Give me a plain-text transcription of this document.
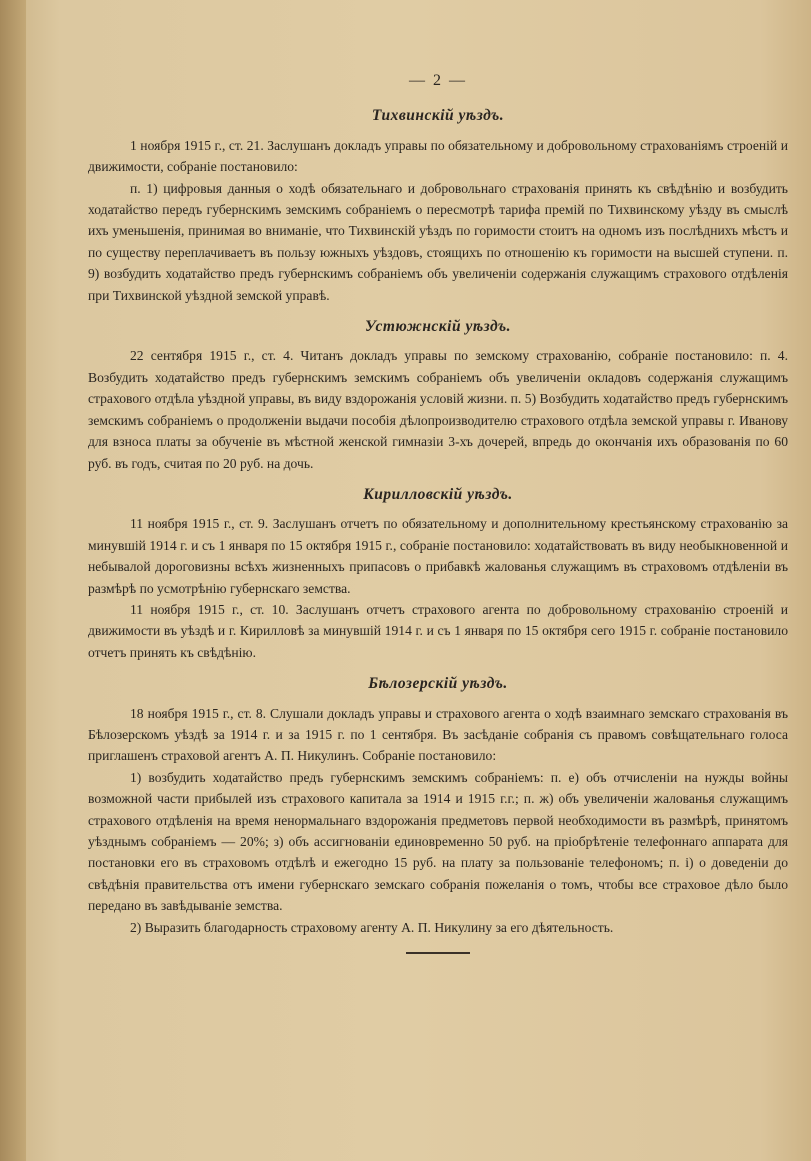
— 2 —
Тихвинскій уѣздъ.

1 ноября 1915 г., ст. 21. Заслушанъ докладъ управы по обязательному и добровольному страхованіямъ строеній и движимости, собраніе постановило:

п. 1) цифровыя данныя о ходѣ обязательнаго и добровольнаго страхованія принять къ свѣдѣнію и возбудить ходатайство передъ губернскимъ земскимъ собраніемъ о пересмотрѣ тарифа премій по Тихвинскому уѣзду въ смыслѣ ихъ уменьшенія, принимая во вниманіе, что Тихвинскій уѣздъ по горимости стоитъ на одномъ изъ послѣднихъ мѣстъ и по существу переплачиваетъ въ пользу южныхъ уѣздовъ, стоящихъ по отношенію къ горимости на высшей ступени. п. 9) возбудить ходатайство предъ губернскимъ собраніемъ объ увеличеніи содержанія служащимъ страхового отдѣленія при Тихвинской уѣздной земской управѣ.

Устюжнскій уѣздъ.

22 сентября 1915 г., ст. 4. Читанъ докладъ управы по земскому страхованію, собраніе постановило: п. 4. Возбудить ходатайство предъ губернскимъ земскимъ собраніемъ объ увеличеніи окладовъ содержанія служащимъ страхового отдѣла уѣздной управы, въ виду вздорожанія условій жизни. п. 5) Возбудить ходатайство предъ губернскимъ земскимъ собраніемъ о продолженіи выдачи пособія дѣлопроизводителю страхового отдѣла земской управы г. Иванову для взноса платы за обученіе въ мѣстной женской гимназіи 3-хъ дочерей, впредь до окончанія ихъ образованія по 60 руб. въ годъ, считая по 20 руб. на дочь.

Кирилловскій уѣздъ.

11 ноября 1915 г., ст. 9. Заслушанъ отчетъ по обязательному и дополнительному крестьянскому страхованію за минувшій 1914 г. и съ 1 января по 15 октября 1915 г., собраніе постановило: ходатайствовать въ виду необыкновенной и небывалой дороговизны всѣхъ жизненныхъ припасовъ о прибавкѣ жалованья служащимъ въ страховомъ отдѣленіи въ размѣрѣ по усмотрѣнію губернскаго земства.

11 ноября 1915 г., ст. 10. Заслушанъ отчетъ страхового агента по добровольному страхованію строеній и движимости въ уѣздѣ и г. Кирилловѣ за минувшій 1914 г. и съ 1 января по 15 октября сего 1915 г. собраніе постановило отчетъ принять къ свѣдѣнію.

Бѣлозерскій уѣздъ.

18 ноября 1915 г., ст. 8. Слушали докладъ управы и страхового агента о ходѣ взаимнаго земскаго страхованія въ Бѣлозерскомъ уѣздѣ за 1914 г. и за 1915 г. по 1 сентября. Въ засѣданіе собранія съ правомъ совѣщательнаго голоса приглашенъ страховой агентъ А. П. Никулинъ. Собраніе постановило:

1) возбудить ходатайство предъ губернскимъ земскимъ собраніемъ: п. е) объ отчисленіи на нужды войны возможной части прибылей изъ страхового капитала за 1914 и 1915 г.г.; п. ж) объ увеличеніи жалованья служащимъ страхового отдѣленія на время ненормальнаго вздорожанія предметовъ первой необходимости въ размѣрѣ, принятомъ уѣзднымъ собраніемъ — 20%; з) объ ассигнованіи единовременно 50 руб. на пріобрѣтеніе телефоннаго аппарата для постановки его въ страховомъ отдѣлѣ и ежегодно 15 руб. на плату за пользованіе телефономъ; п. і) о доведеніи до свѣдѣнія правительства отъ имени губернскаго земскаго собранія пожеланія о томъ, чтобы все страховое дѣло было передано въ завѣдываніе земства.

2) Выразить благодарность страховому агенту А. П. Никулину за его дѣятельность.
